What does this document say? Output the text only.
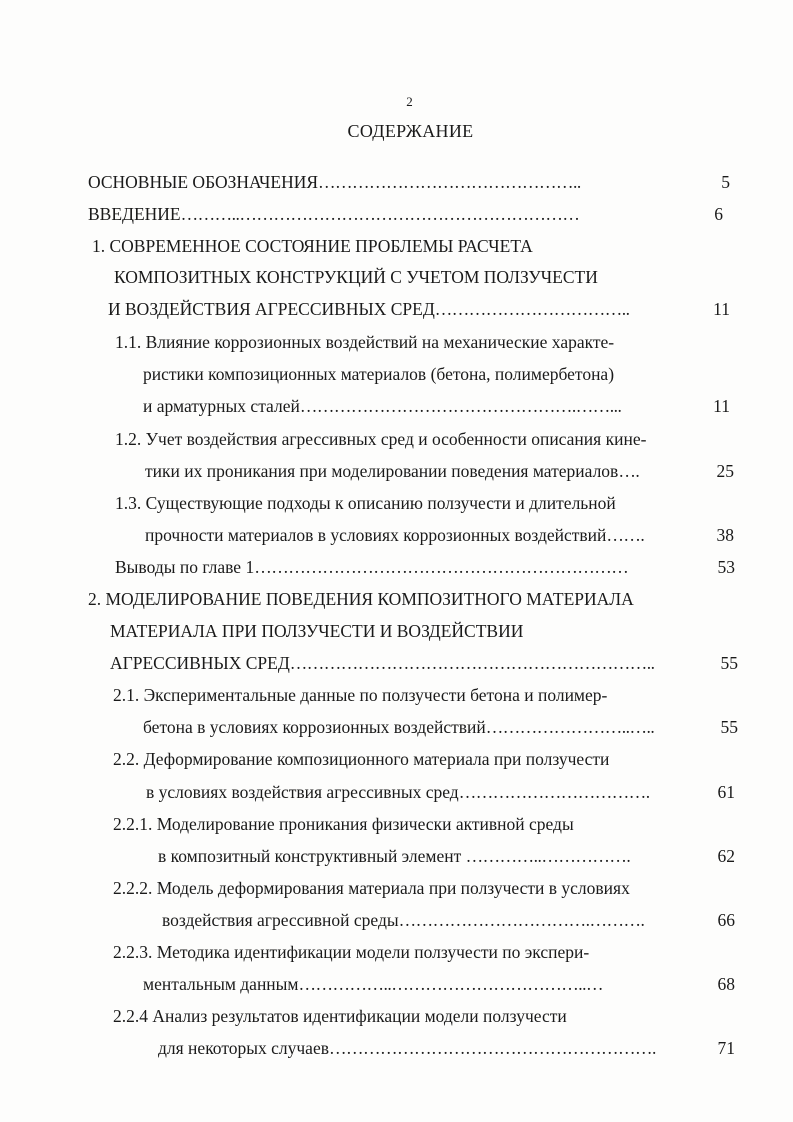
2
СОДЕРЖАНИЕ
ОСНОВНЫЕ ОБОЗНАЧЕНИЯ………………………………………..	5
ВВЕДЕНИЕ………..……………………………………………………	6
1. СОВРЕМЕННОЕ СОСТОЯНИЕ ПРОБЛЕМЫ РАСЧЕТА
КОМПОЗИТНЫХ КОНСТРУКЦИЙ С УЧЕТОМ ПОЛЗУЧЕСТИ
И ВОЗДЕЙСТВИЯ АГРЕССИВНЫХ СРЕД……………………………..	11
1.1. Влияние коррозионных воздействий на механические характе-
ристики композиционных материалов (бетона, полимербетона)
и арматурных сталей………………………………………….……...	11
1.2. Учет воздействия агрессивных сред и особенности описания кине-
тики их проникания при моделировании поведения материалов….	25
1.3. Существующие подходы к описанию ползучести и длительной
прочности материалов в условиях коррозионных воздействий…….	38
Выводы по главе 1…………………………………………………………	53
2. МОДЕЛИРОВАНИЕ ПОВЕДЕНИЯ КОМПОЗИТНОГО МАТЕРИАЛА
МАТЕРИАЛА ПРИ ПОЛЗУЧЕСТИ И ВОЗДЕЙСТВИИ
АГРЕССИВНЫХ СРЕД………………………………………………………..	55
2.1. Экспериментальные данные по ползучести бетона и полимер-
бетона в условиях коррозионных воздействий……………………..…..	55
2.2. Деформирование композиционного материала при ползучести
в условиях воздействия агрессивных сред…………………………….	61
2.2.1. Моделирование проникания физически активной среды
в композитный конструктивный элемент …………..…………….	62
2.2.2. Модель деформирования материала при ползучести в условиях
воздействия агрессивной среды…………………………….……….	66
2.2.3. Методика идентификации модели ползучести по экспери-
ментальным данным……………..……………………………..…	68
2.2.4 Анализ результатов идентификации модели ползучести
для некоторых случаев………………………………………………….	71
